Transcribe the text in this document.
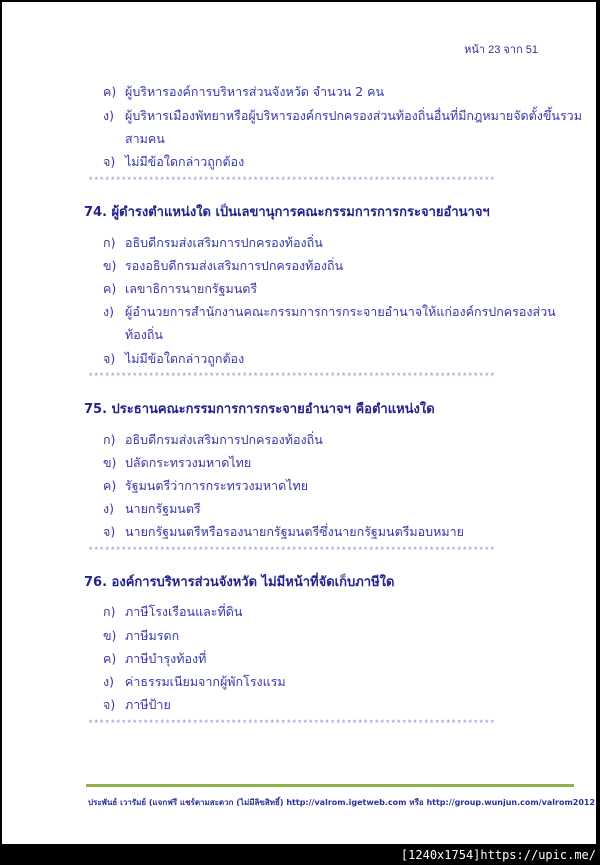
หน้า 23 จาก 51
ค) ผู้บริหารองค์การบริหารส่วนจังหวัด จำนวน 2 คน
ง) ผู้บริหารเมืองพัทยาหรือผู้บริหารองค์กรปกครองส่วนท้องถิ่นอื่นที่มีกฎหมายจัดตั้งขึ้นรวม
สามคน
จ) ไม่มีข้อใดกล่าวถูกต้อง
**************************************************************************
74. ผู้ดำรงตำแหน่งใด เป็นเลขานุการคณะกรรมการการกระจายอำนาจฯ
ก) อธิบดีกรมส่งเสริมการปกครองท้องถิ่น
ข) รองอธิบดีกรมส่งเสริมการปกครองท้องถิ่น
ค) เลขาธิการนายกรัฐมนตรี
ง) ผู้อำนวยการสำนักงานคณะกรรมการการกระจายอำนาจให้แก่องค์กรปกครองส่วน
ท้องถิ่น
จ) ไม่มีข้อใดกล่าวถูกต้อง
**************************************************************************
75. ประธานคณะกรรมการการกระจายอำนาจฯ คือตำแหน่งใด
ก) อธิบดีกรมส่งเสริมการปกครองท้องถิ่น
ข) ปลัดกระทรวงมหาดไทย
ค) รัฐมนตรีว่าการกระทรวงมหาดไทย
ง) นายกรัฐมนตรี
จ) นายกรัฐมนตรีหรือรองนายกรัฐมนตรีซึ่งนายกรัฐมนตรีมอบหมาย
**************************************************************************
76. องค์การบริหารส่วนจังหวัด ไม่มีหน้าที่จัดเก็บภาษีใด
ก) ภาษีโรงเรือนและที่ดิน
ข) ภาษีมรดก
ค) ภาษีบำรุงท้องที่
ง) ค่าธรรมเนียมจากผู้พักโรงแรม
จ) ภาษีป้าย
**************************************************************************
ประพันธ์ เวารัมย์ (แจกฟรี แชร์ตามสะดวก (ไม่มีลิขสิทธิ์) http://valrom.igetweb.com หรือ http://group.wunjun.com/valrom2012
[1240x1754]https://upic.me/
